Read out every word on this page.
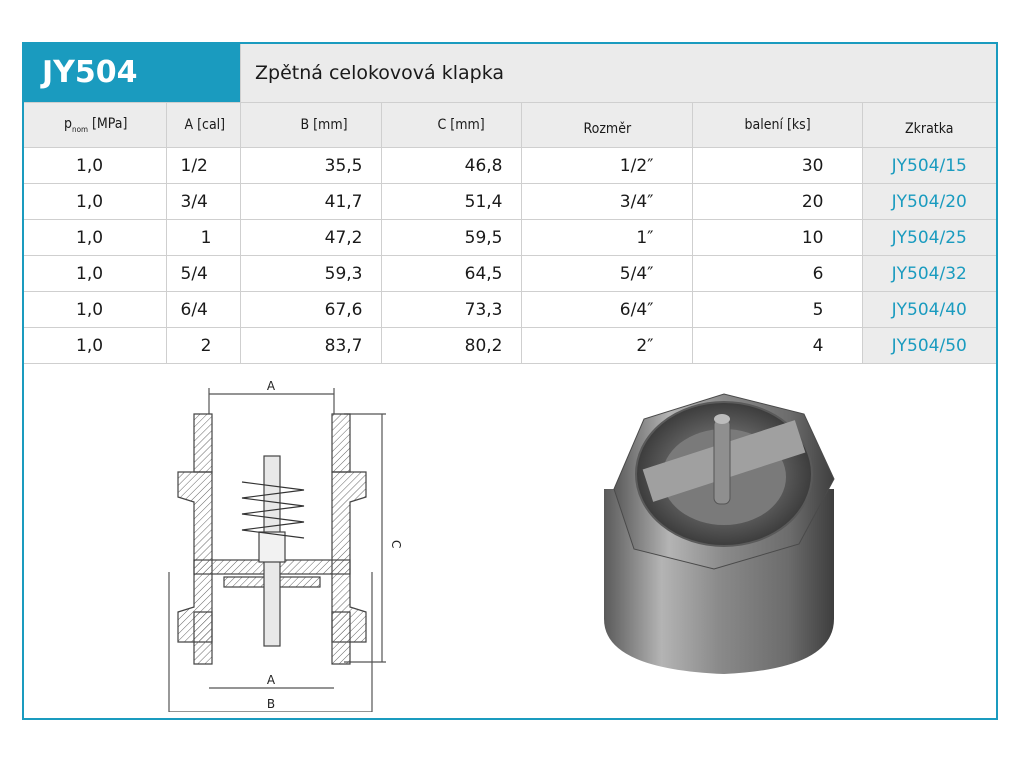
JY504	Zpětná celokovová klapka
$p_{nom}$ [MPa]	A [cal]	B [mm]	C [mm]	Rozměr	balení [ks]	Zkratka
1,0	1/2	35,5	46,8	1/2″	30	JY504/15
1,0	3/4	41,7	51,4	3/4″	20	JY504/20
1,0	1	47,2	59,5	1″	10	JY504/25
1,0	5/4	59,3	64,5	5/4″	6	JY504/32
1,0	6/4	67,6	73,3	6/4″	5	JY504/40
1,0	2	83,7	80,2	2″	4	JY504/50
A
C
A
B
